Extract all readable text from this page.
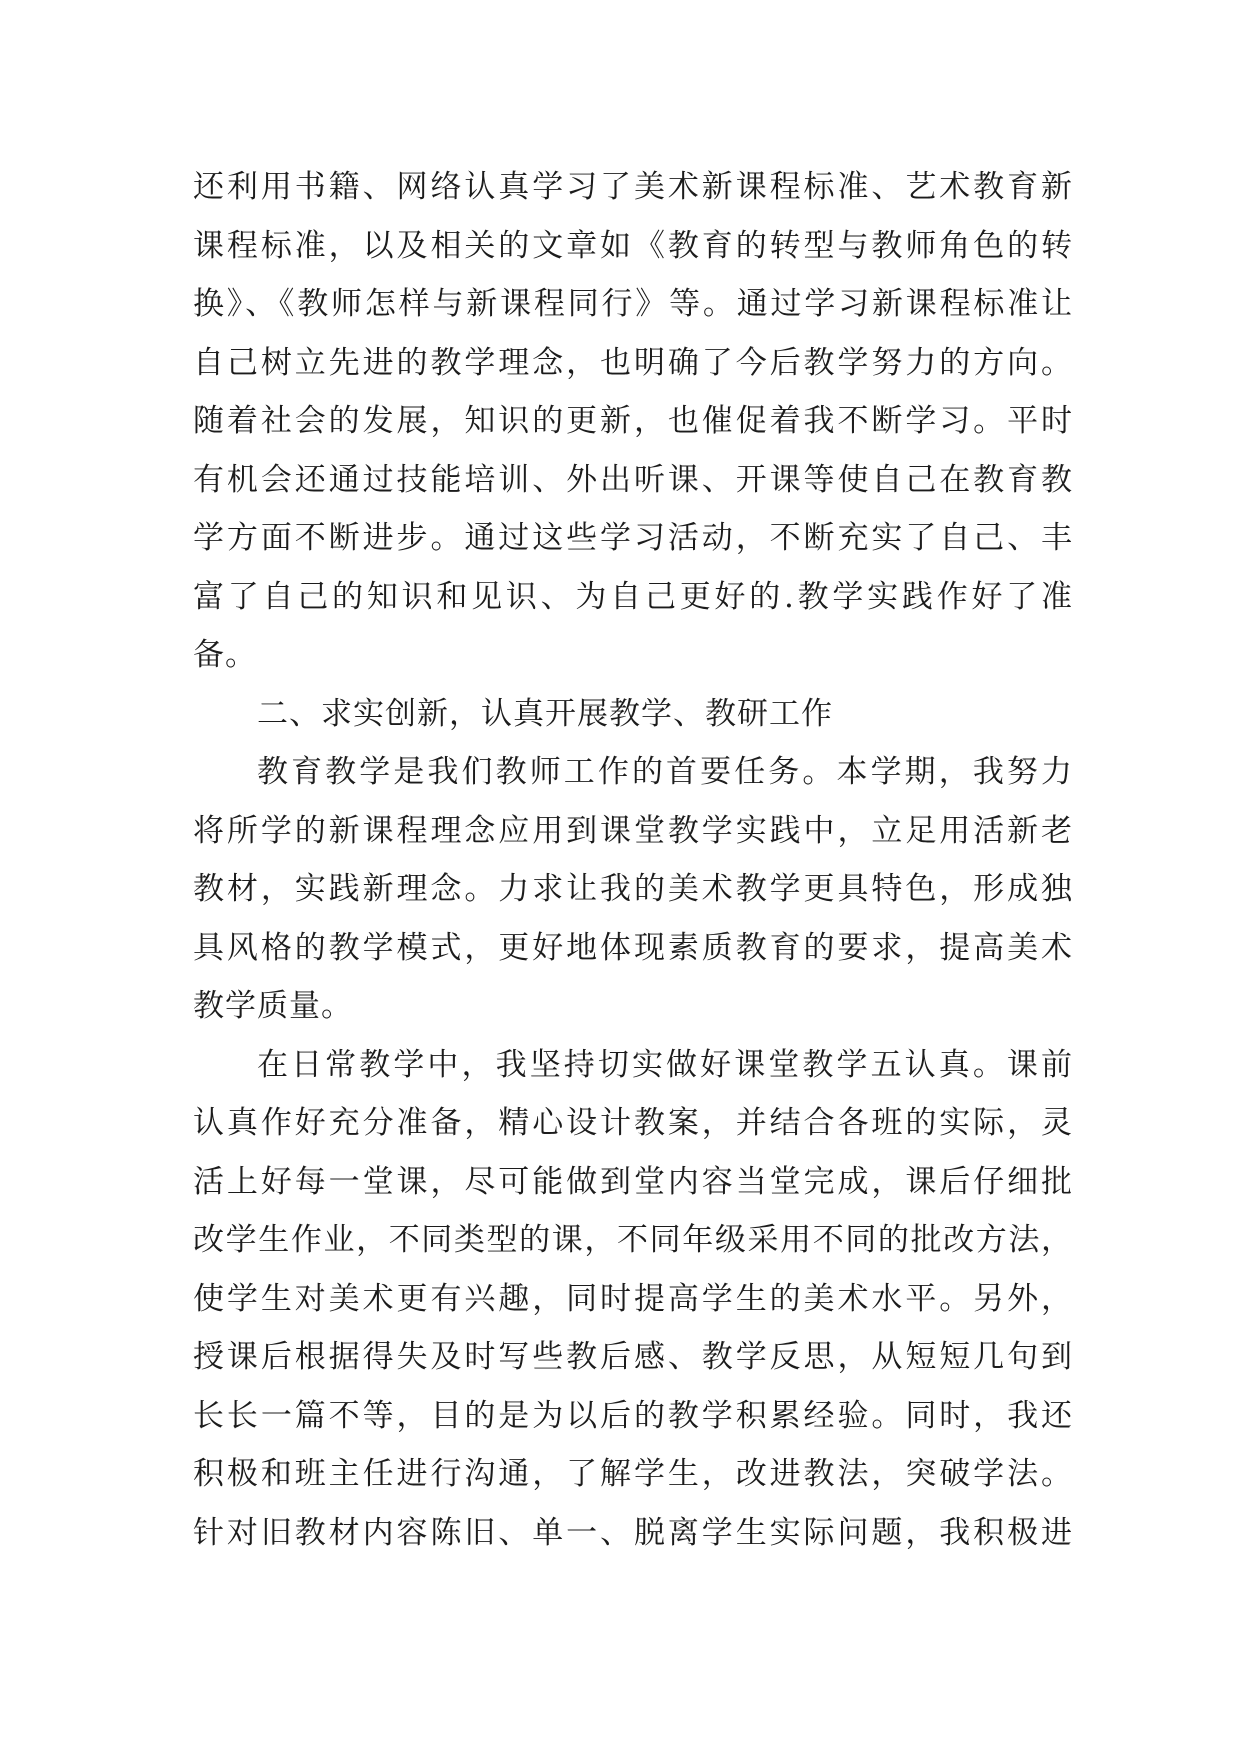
还利用书籍、网络认真学习了美术新课程标准、艺术教育新
课程标准，以及相关的文章如《教育的转型与教师角色的转
换》、《教师怎样与新课程同行》等。通过学习新课程标准让
自己树立先进的教学理念，也明确了今后教学努力的方向。
随着社会的发展，知识的更新，也催促着我不断学习。平时
有机会还通过技能培训、外出听课、开课等使自己在教育教
学方面不断进步。通过这些学习活动，不断充实了自己、丰
富了自己的知识和见识、为自己更好的.教学实践作好了准
备。
二、求实创新，认真开展教学、教研工作
教育教学是我们教师工作的首要任务。本学期，我努力
将所学的新课程理念应用到课堂教学实践中，立足用活新老
教材，实践新理念。力求让我的美术教学更具特色，形成独
具风格的教学模式，更好地体现素质教育的要求，提高美术
教学质量。
在日常教学中，我坚持切实做好课堂教学五认真。课前
认真作好充分准备，精心设计教案，并结合各班的实际，灵
活上好每一堂课，尽可能做到堂内容当堂完成，课后仔细批
改学生作业，不同类型的课，不同年级采用不同的批改方法，
使学生对美术更有兴趣，同时提高学生的美术水平。另外，
授课后根据得失及时写些教后感、教学反思，从短短几句到
长长一篇不等，目的是为以后的教学积累经验。同时，我还
积极和班主任进行沟通，了解学生，改进教法，突破学法。
针对旧教材内容陈旧、单一、脱离学生实际问题，我积极进
